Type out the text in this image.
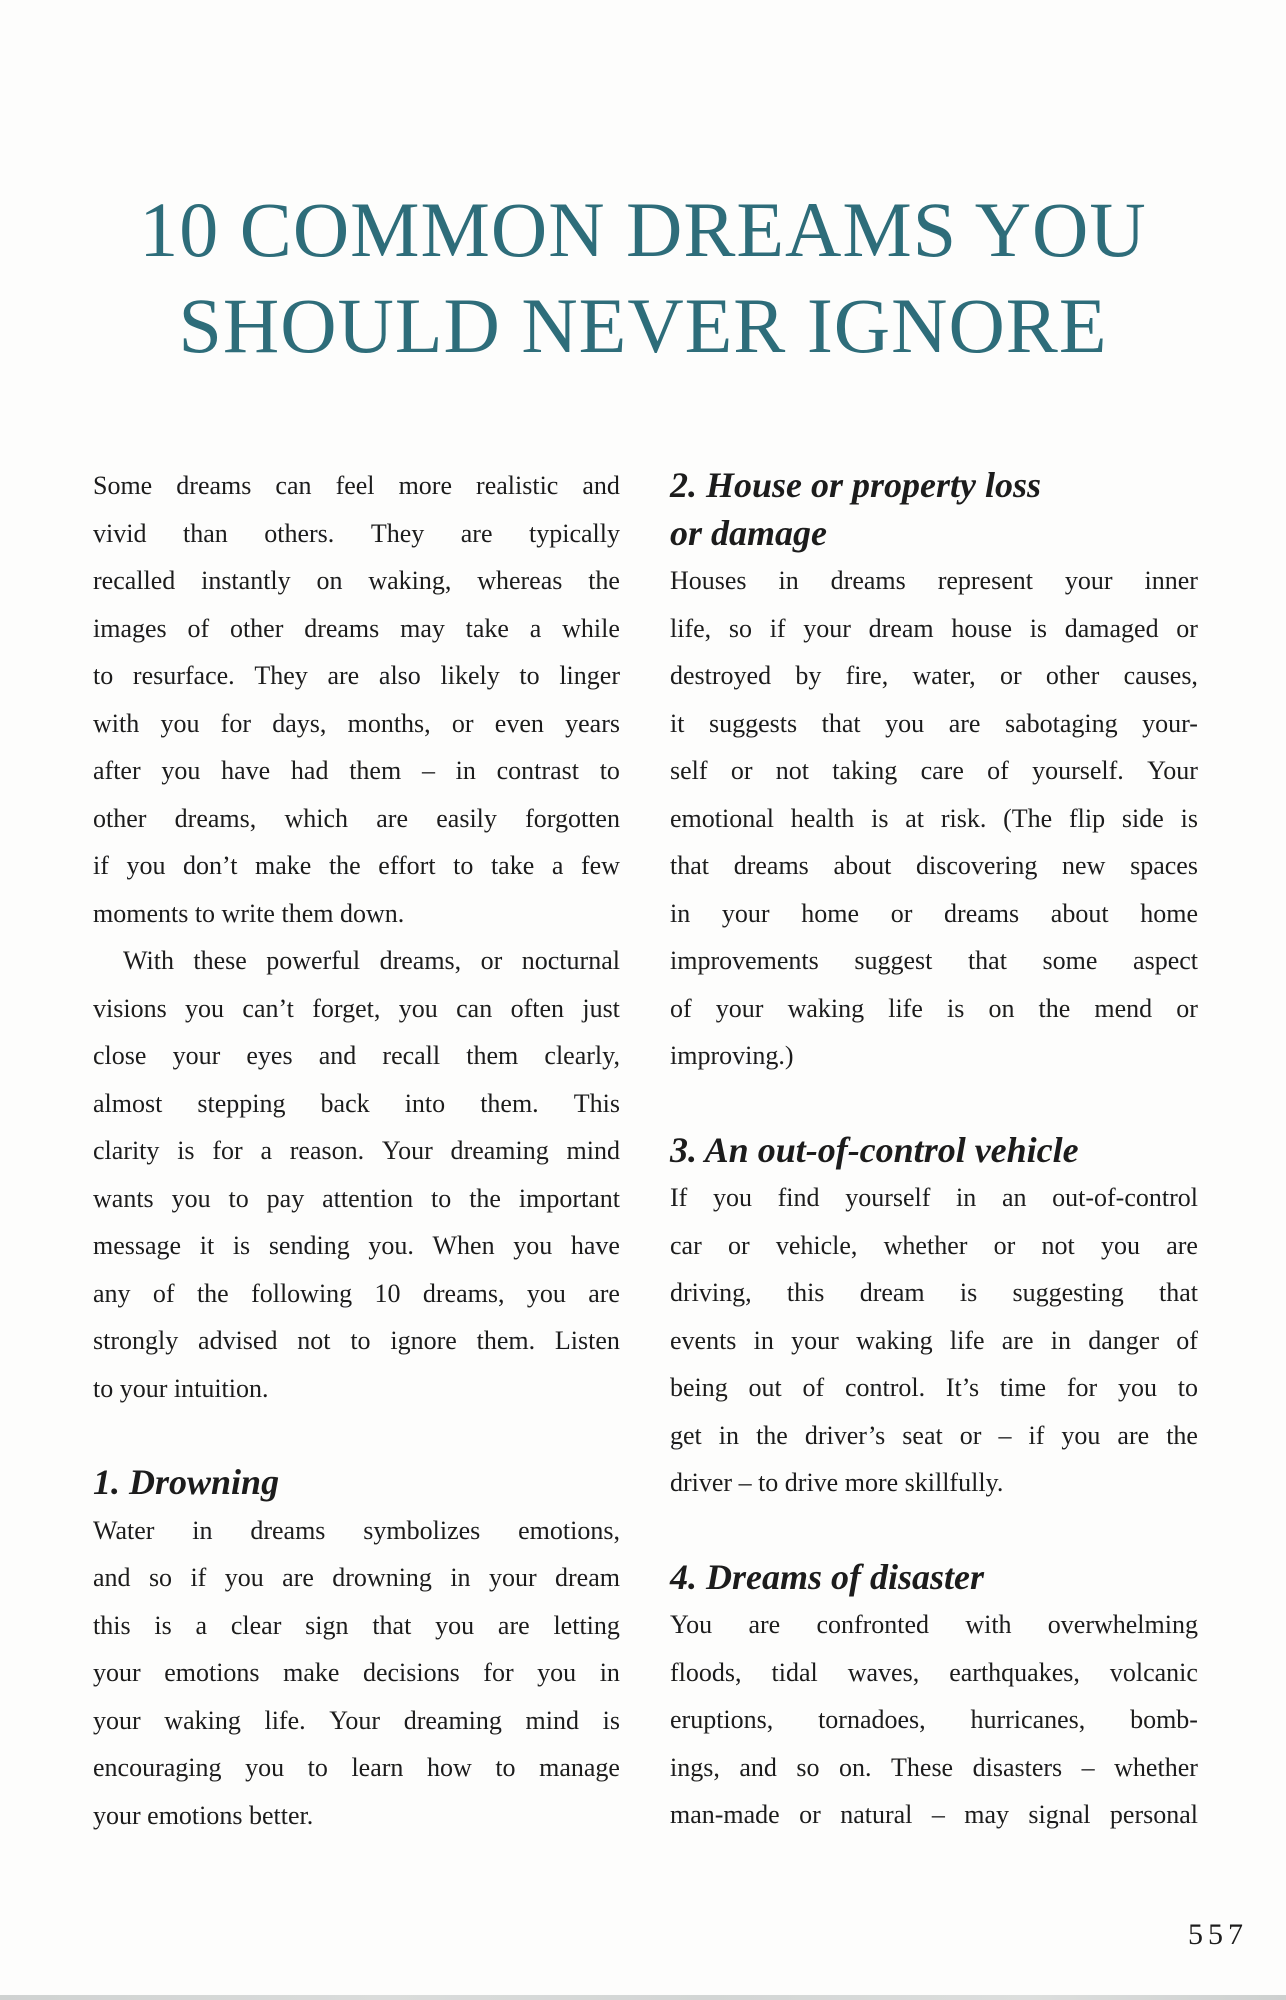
10 COMMON DREAMS YOU
SHOULD NEVER IGNORE
Some dreams can feel more realistic and
vivid than others. They are typically
recalled instantly on waking, whereas the
images of other dreams may take a while
to resurface. They are also likely to linger
with you for days, months, or even years
after you have had them – in contrast to
other dreams, which are easily forgotten
if you don’t make the effort to take a few
moments to write them down.
With these powerful dreams, or nocturnal
visions you can’t forget, you can often just
close your eyes and recall them clearly,
almost stepping back into them. This
clarity is for a reason. Your dreaming mind
wants you to pay attention to the important
message it is sending you. When you have
any of the following 10 dreams, you are
strongly advised not to ignore them. Listen
to your intuition.
1. Drowning
Water in dreams symbolizes emotions,
and so if you are drowning in your dream
this is a clear sign that you are letting
your emotions make decisions for you in
your waking life. Your dreaming mind is
encouraging you to learn how to manage
your emotions better.
2. House or property loss
or damage
Houses in dreams represent your inner
life, so if your dream house is damaged or
destroyed by fire, water, or other causes,
it suggests that you are sabotaging your-
self or not taking care of yourself. Your
emotional health is at risk. (The flip side is
that dreams about discovering new spaces
in your home or dreams about home
improvements suggest that some aspect
of your waking life is on the mend or
improving.)
3. An out-of-control vehicle
If you find yourself in an out-of-control
car or vehicle, whether or not you are
driving, this dream is suggesting that
events in your waking life are in danger of
being out of control. It’s time for you to
get in the driver’s seat or – if you are the
driver – to drive more skillfully.
4. Dreams of disaster
You are confronted with overwhelming
floods, tidal waves, earthquakes, volcanic
eruptions, tornadoes, hurricanes, bomb-
ings, and so on. These disasters – whether
man-made or natural – may signal personal
557
